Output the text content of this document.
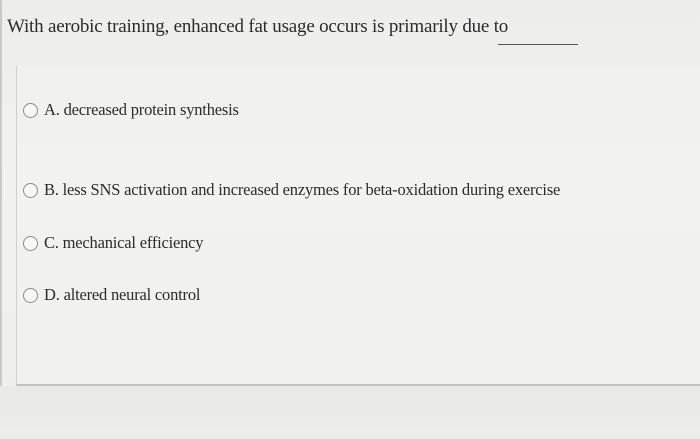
With aerobic training, enhanced fat usage occurs is primarily due to
A. decreased protein synthesis
B. less SNS activation and increased enzymes for beta-oxidation during exercise
C. mechanical efficiency
D. altered neural control
